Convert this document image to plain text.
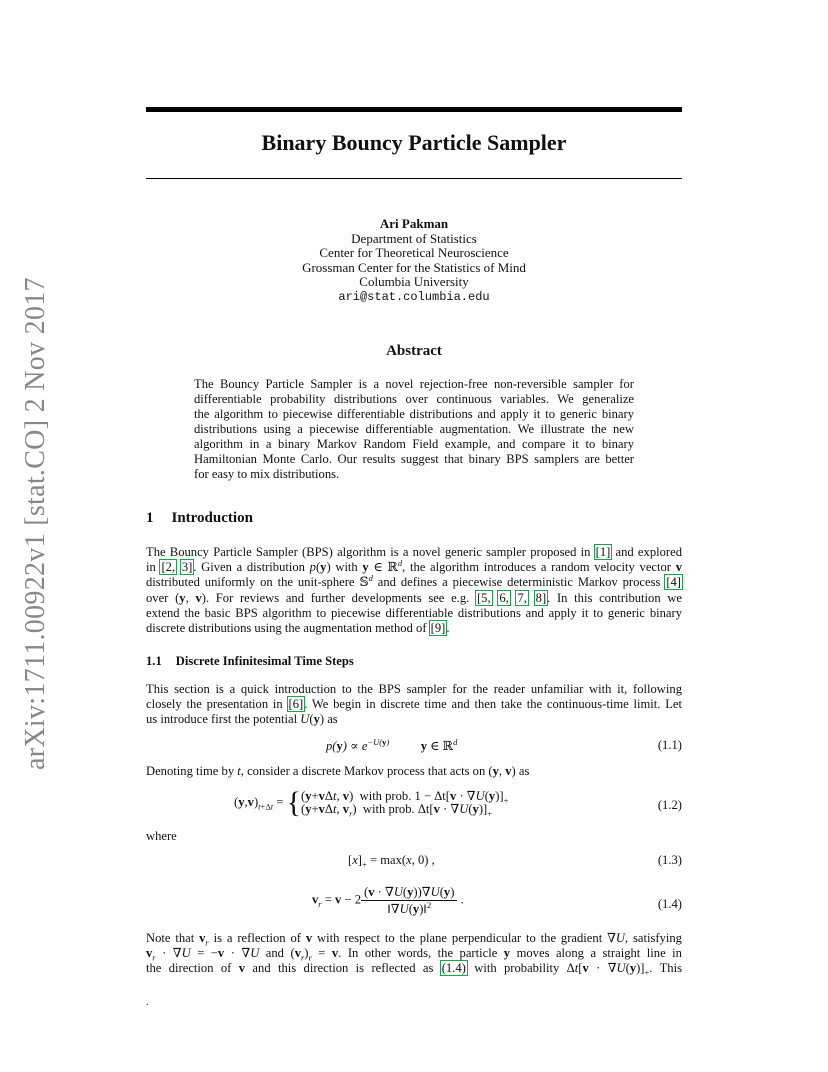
arXiv:1711.00922v1 [stat.CO] 2 Nov 2017
Binary Bouncy Particle Sampler
Ari Pakman
Department of Statistics
Center for Theoretical Neuroscience
Grossman Center for the Statistics of Mind
Columbia University
ari@stat.columbia.edu
Abstract
The Bouncy Particle Sampler is a novel rejection-free non-reversible sampler for
differentiable probability distributions over continuous variables. We generalize
the algorithm to piecewise differentiable distributions and apply it to generic binary
distributions using a piecewise differentiable augmentation. We illustrate the new
algorithm in a binary Markov Random Field example, and compare it to binary
Hamiltonian Monte Carlo. Our results suggest that binary BPS samplers are better
for easy to mix distributions.
1 Introduction
The Bouncy Particle Sampler (BPS) algorithm is a novel generic sampler proposed in [1] and explored
in [2, 3]. Given a distribution p(y) with y ∈ ℝ$^d$, the algorithm introduces a random velocity vector v
distributed uniformly on the unit-sphere 𝕊$^d$ and defines a piecewise deterministic Markov process [4]
over (y, v). For reviews and further developments see e.g. [5, 6, 7, 8]. In this contribution we
extend the basic BPS algorithm to piecewise differentiable distributions and apply it to generic binary
discrete distributions using the augmentation method of [9].
1.1 Discrete Infinitesimal Time Steps
This section is a quick introduction to the BPS sampler for the reader unfamiliar with it, following
closely the presentation in [6]. We begin in discrete time and then take the continuous-time limit. Let
us introduce first the potential U(y) as
$p(y) \propto e^{-U(y)}$ y ∈ ℝ$^d$	(1.1)
Denoting time by t, consider a discrete Markov process that acts on (y, v) as
$(y,v)_{t+\Delta t}$ = { (y+vΔt, v)  with prob. $1 - \Delta t[v \cdot \nabla U(y)]_+$
(y+vΔt, $v_r$)  with prob. $\Delta t[v \cdot \nabla U(y)]_+$
(1.2)
where
$[x]_+ = \max(x$, 0) ,	(1.3)
$v_r = v - 2 \frac{(v \cdot \nabla U(y))\nabla U(y)}{‖\nabla U(y)‖^2}$ .	(1.4)
Note that $v_r$ is a reflection of v with respect to the plane perpendicular to the gradient ∇U, satisfying
$v_r \cdot \nabla U = -v \cdot \nabla U$ and $(v_r)_r = v$. In other words, the particle y moves along a straight line in
the direction of v and this direction is reflected as (1.4) with probability $\Delta t[v \cdot \nabla U(y)]_+$. This
.
